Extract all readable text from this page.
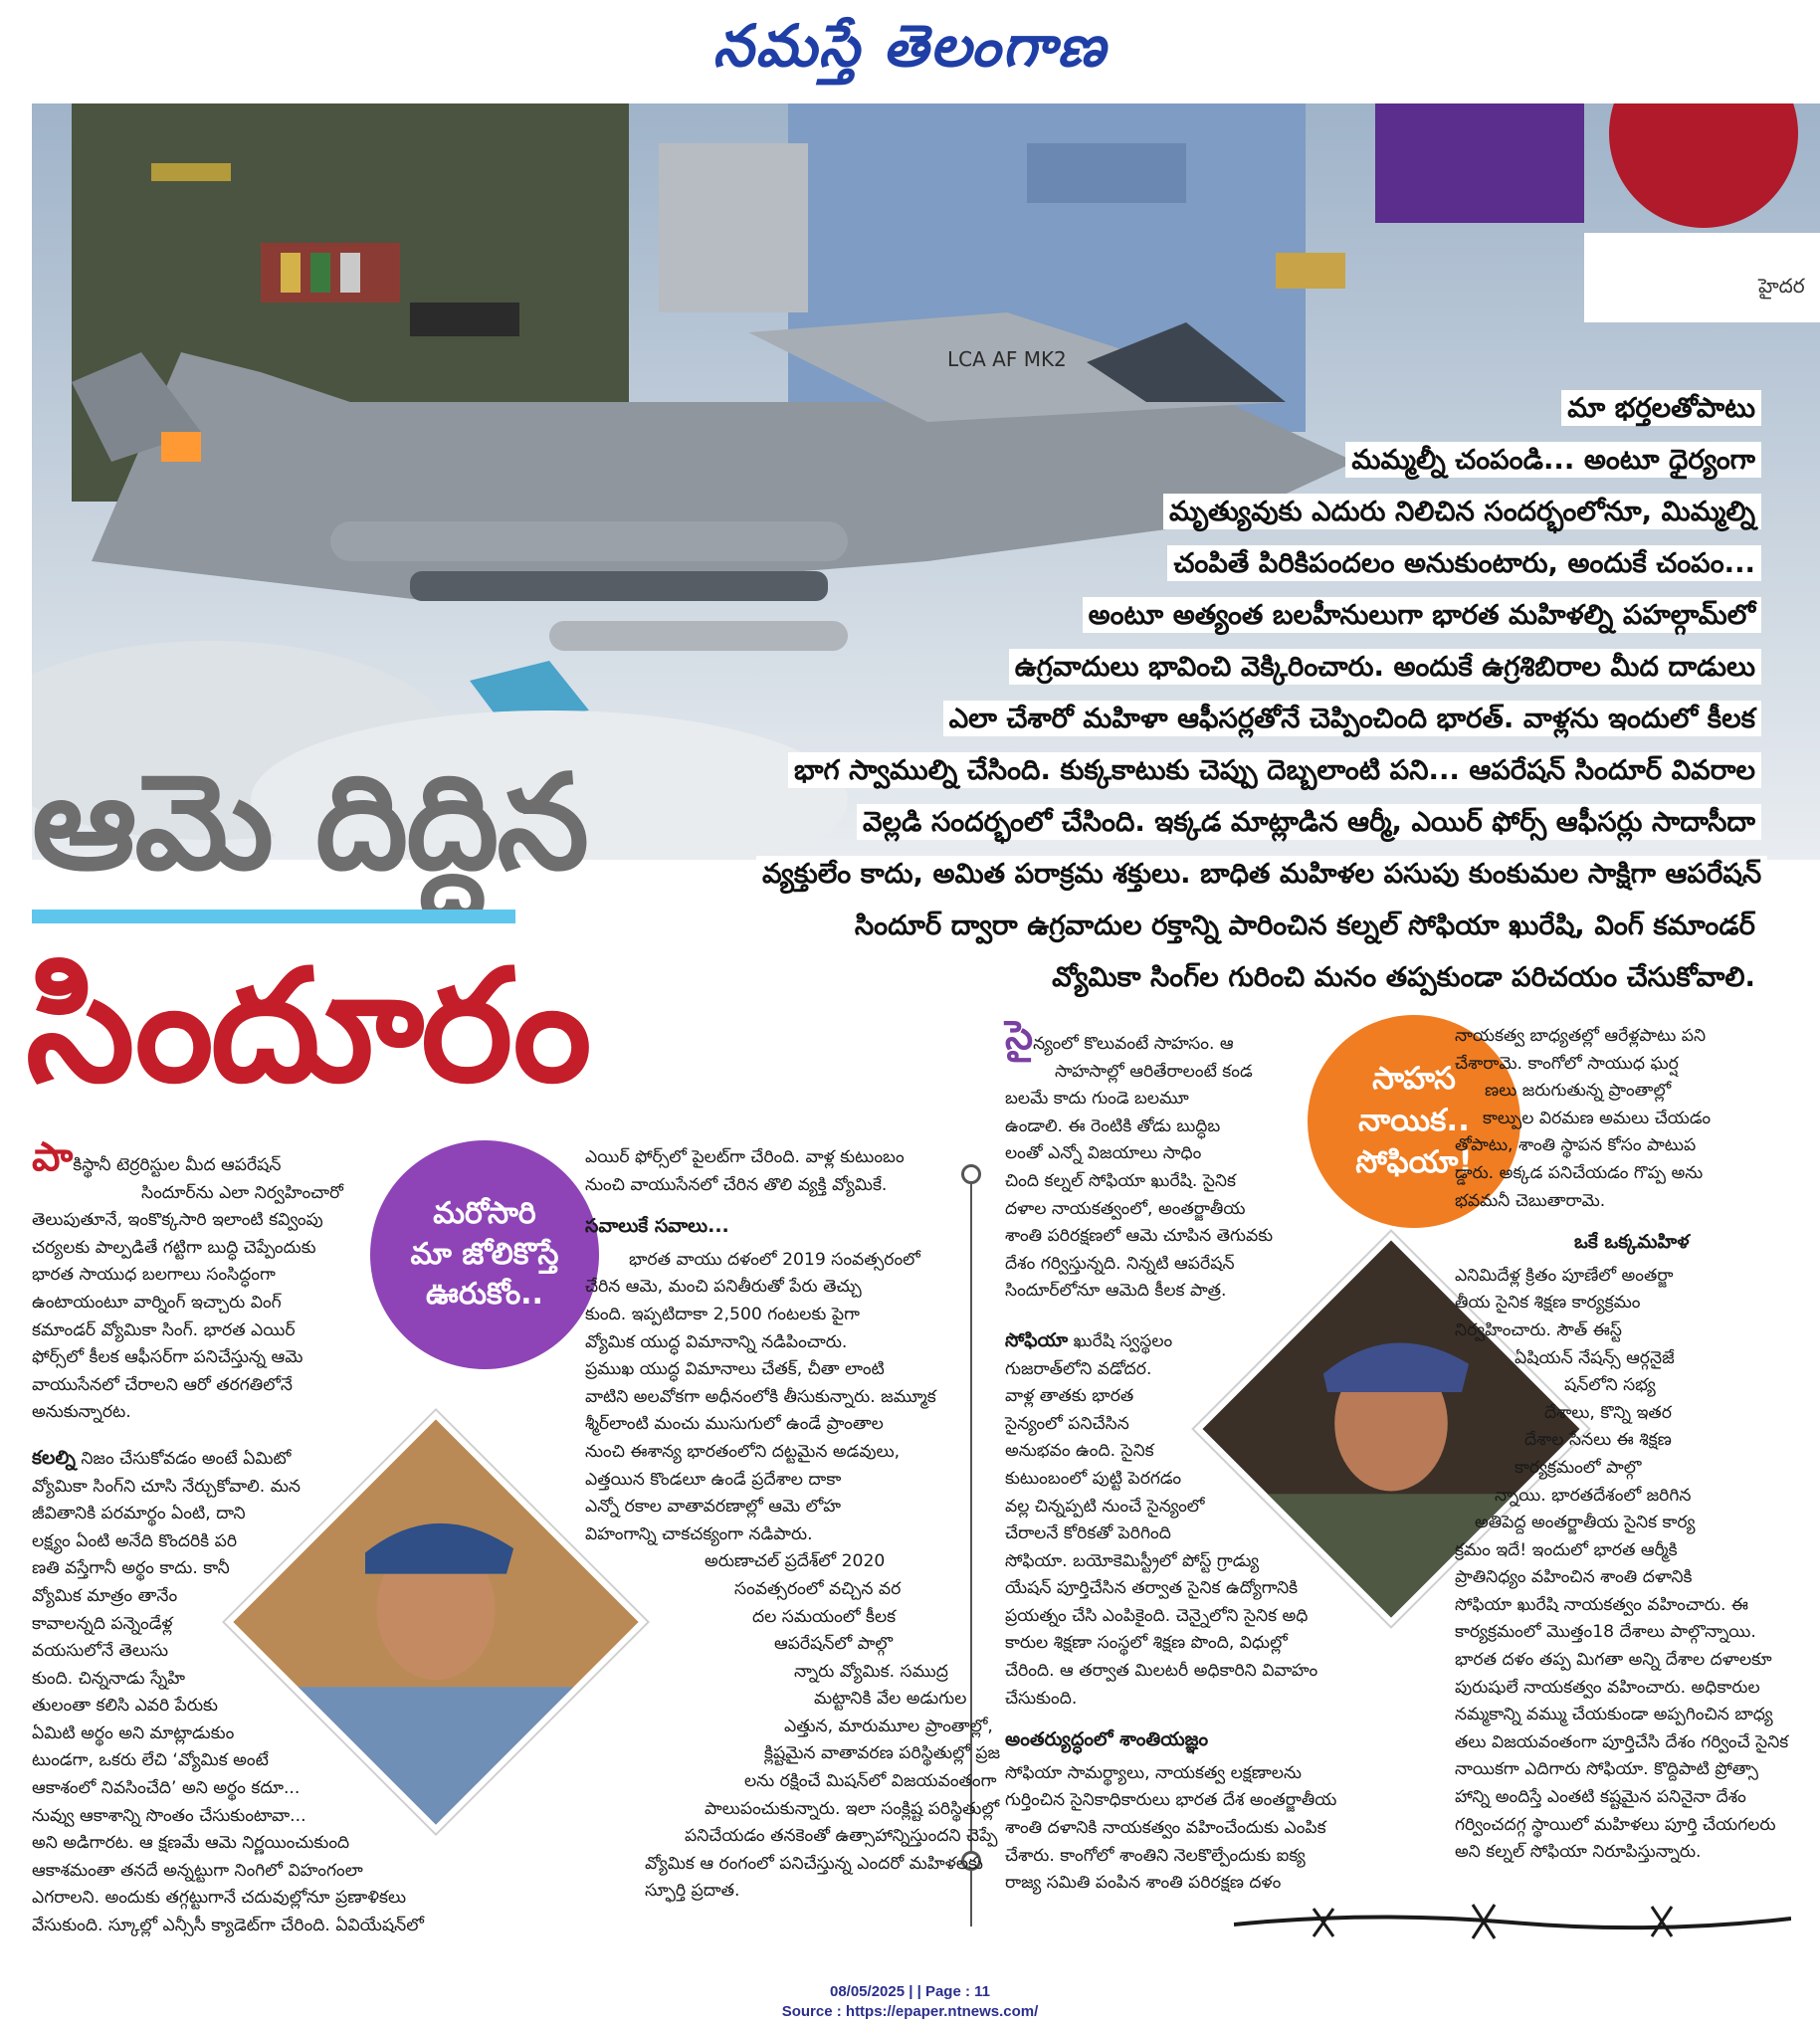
నమస్తే తెలంగాణ
LCA AF MK2
హైదర
మా భర్తలతోపాటు
మమ్మల్నీ చంపండి... అంటూ ధైర్యంగా
మృత్యువుకు ఎదురు నిలిచిన సందర్భంలోనూ, మిమ్మల్ని
చంపితే పిరికిపందలం అనుకుంటారు, అందుకే చంపం...
అంటూ అత్యంత బలహీనులుగా భారత మహిళల్ని పహల్గామ్‌లో
ఉగ్రవాదులు భావించి వెక్కిరించారు. అందుకే ఉగ్రశిబిరాల మీద దాడులు
ఎలా చేశారో మహిళా ఆఫీసర్లతోనే చెప్పించింది భారత్. వాళ్లను ఇందులో కీలక
భాగ స్వాముల్ని చేసింది. కుక్కకాటుకు చెప్పు దెబ్బలాంటి పని... ఆపరేషన్ సిందూర్ వివరాల
వెల్లడి సందర్భంలో చేసింది. ఇక్కడ మాట్లాడిన ఆర్మీ, ఎయిర్ ఫోర్స్ ఆఫీసర్లు సాదాసీదా
వ్యక్తులేం కాదు, అమిత పరాక్రమ శక్తులు. బాధిత మహిళల పసుపు కుంకుమల సాక్షిగా ఆపరేషన్
సిందూర్ ద్వారా ఉగ్రవాదుల రక్తాన్ని పారించిన కల్నల్ సోఫియా ఖురేషి, వింగ్ కమాండర్
వ్యోమికా సింగ్‌ల గురించి మనం తప్పకుండా పరిచయం చేసుకోవాలి.
ఆమె దిద్దిన
సిందూరం

పాకిస్థానీ టెర్రరిస్టుల మీద ఆపరేషన్

సిందూర్‌ను ఎలా నిర్వహించారో

తెలుపుతూనే, ఇంకొక్కసారి ఇలాంటి కవ్వింపు

చర్యలకు పాల్పడితే గట్టిగా బుద్ధి చెప్పేందుకు

భారత సాయుధ బలగాలు సంసిద్ధంగా

ఉంటాయంటూ వార్నింగ్ ఇచ్చారు వింగ్

కమాండర్ వ్యోమికా సింగ్. భారత ఎయిర్

ఫోర్స్‌లో కీలక ఆఫీసర్‌గా పనిచేస్తున్న ఆమె

వాయుసేనలో చేరాలని ఆరో తరగతిలోనే

అనుకున్నారట.

కలల్ని నిజం చేసుకోవడం అంటే ఏమిటో

వ్యోమికా సింగ్‌ని చూసి నేర్చుకోవాలి. మన

జీవితానికి పరమార్థం ఏంటి, దాని

లక్ష్యం ఏంటి అనేది కొందరికి పరి

ణతి వస్తేగానీ అర్థం కాదు. కానీ

వ్యోమిక మాత్రం తానేం

కావాలన్నది పన్నెండేళ్ల

వయసులోనే తెలుసు

కుంది. చిన్ననాడు స్నేహి

తులంతా కలిసి ఎవరి పేరుకు

ఏమిటి అర్థం అని మాట్లాడుకుం

టుండగా, ఒకరు లేచి ‘వ్యోమిక అంటే

ఆకాశంలో నివసించేది’ అని అర్థం కదూ...

నువ్వు ఆకాశాన్ని సొంతం చేసుకుంటావా...

అని అడిగారట. ఆ క్షణమే ఆమె నిర్ణయించుకుంది

ఆకాశమంతా తనదే అన్నట్టుగా నింగిలో విహంగంలా

ఎగరాలని. అందుకు తగ్గట్టుగానే చదువుల్లోనూ ప్రణాళికలు

వేసుకుంది. స్కూల్లో ఎన్సీసీ క్యాడెట్‌గా చేరింది. ఏవియేషన్‌లో

మరోసారి
మా జోలికొస్తే
ఊరుకోం..

ఎయిర్ ఫోర్స్‌లో పైలట్‌గా చేరింది. వాళ్ల కుటుంబం

నుంచి వాయుసేనలో చేరిన తొలి వ్యక్తి వ్యోమికే.

సవాలుకే సవాలు...

భారత వాయు దళంలో 2019 సంవత్సరంలో

చేరిన ఆమె, మంచి పనితీరుతో పేరు తెచ్చు

కుంది. ఇప్పటిదాకా 2,500 గంటలకు పైగా

వ్యోమిక యుద్ధ విమానాన్ని నడిపించారు.

ప్రముఖ యుద్ధ విమానాలు చేతక్, చీతా లాంటి

వాటిని అలవోకగా అధీనంలోకి తీసుకున్నారు. జమ్మూక

శ్మీర్‌లాంటి మంచు ముసుగులో ఉండే ప్రాంతాల

నుంచి ఈశాన్య భారతంలోని దట్టమైన అడవులు,

ఎత్తయిన కొండలూ ఉండే ప్రదేశాల దాకా

ఎన్నో రకాల వాతావరణాల్లో ఆమె లోహ

విహంగాన్ని చాకచక్యంగా నడిపారు.

అరుణాచల్ ప్రదేశ్‌లో 2020

సంవత్సరంలో వచ్చిన వర

దల సమయంలో కీలక

ఆపరేషన్‌లో పాల్గొ

న్నారు వ్యోమిక. సముద్ర

మట్టానికి వేల అడుగుల

ఎత్తున, మారుమూల ప్రాంతాల్లో,

క్లిష్టమైన వాతావరణ పరిస్థితుల్లో ప్రజ

లను రక్షించే మిషన్‌లో విజయవంతంగా

పాలుపంచుకున్నారు. ఇలా సంక్లిష్ట పరిస్థితుల్లో

పనిచేయడం తనకెంతో ఉత్సాహాన్నిస్తుందని చెప్పే

వ్యోమిక ఆ రంగంలో పనిచేస్తున్న ఎందరో మహిళలకు

స్ఫూర్తి ప్రదాత.

సైన్యంలో కొలువంటే సాహసం. ఆ

సాహసాల్లో ఆరితేరాలంటే కండ

బలమే కాదు గుండె బలమూ

ఉండాలి. ఈ రెంటికి తోడు బుద్ధిబ

లంతో ఎన్నో విజయాలు సాధిం

చింది కల్నల్ సోఫియా ఖురేషి. సైనిక

దళాల నాయకత్వంలో, అంతర్జాతీయ

శాంతి పరిరక్షణలో ఆమె చూపిన తెగువకు

దేశం గర్విస్తున్నది. నిన్నటి ఆపరేషన్

సిందూర్‌లోనూ ఆమెది కీలక పాత్ర.

సోఫియా ఖురేషి స్వస్థలం

గుజరాత్‌లోని వడోదర.

వాళ్ల తాతకు భారత

సైన్యంలో పనిచేసిన

అనుభవం ఉంది. సైనిక

కుటుంబంలో పుట్టి పెరగడం

వల్ల చిన్నప్పటి నుంచే సైన్యంలో

చేరాలనే కోరికతో పెరిగింది

సోఫియా. బయోకెమిస్ట్రీలో పోస్ట్ గ్రాడ్యు

యేషన్ పూర్తిచేసిన తర్వాత సైనిక ఉద్యోగానికి

ప్రయత్నం చేసి ఎంపికైంది. చెన్నైలోని సైనిక అధి

కారుల శిక్షణా సంస్థలో శిక్షణ పొంది, విధుల్లో

చేరింది. ఆ తర్వాత మిలటరీ అధికారిని వివాహం

చేసుకుంది.

అంతర్యుద్ధంలో శాంతియజ్ఞం

సోఫియా సామర్థ్యాలు, నాయకత్వ లక్షణాలను

గుర్తించిన సైనికాధికారులు భారత దేశ అంతర్జాతీయ

శాంతి దళానికి నాయకత్వం వహించేందుకు ఎంపిక

చేశారు. కాంగోలో శాంతిని నెలకొల్పేందుకు ఐక్య

రాజ్య సమితి పంపిన శాంతి పరిరక్షణ దళం

సాహస
నాయిక..
సోఫియా!

నాయకత్వ బాధ్యతల్లో ఆరేళ్లపాటు పని

చేశారామె. కాంగోలో సాయుధ ఘర్ష

ణలు జరుగుతున్న ప్రాంతాల్లో

కాల్పుల విరమణ అమలు చేయడం

తోపాటు, శాంతి స్థాపన కోసం పాటుప

డ్డారు. అక్కడ పనిచేయడం గొప్ప అను

భవమనీ చెబుతారామె.

ఒకే ఒక్కమహిళ

ఎనిమిదేళ్ల క్రితం పూణేలో అంతర్జా

తీయ సైనిక శిక్షణ కార్యక్రమం

నిర్వహించారు. సౌత్ ఈస్ట్

ఏషియన్ నేషన్స్ ఆర్గనైజే

షన్‌లోని సభ్య

దేశాలు, కొన్ని ఇతర

దేశాల సేనలు ఈ శిక్షణ

కార్యక్రమంలో పాల్గొ

న్నాయి. భారతదేశంలో జరిగిన

అతిపెద్ద అంతర్జాతీయ సైనిక కార్య

క్రమం ఇదే! ఇందులో భారత ఆర్మీకి

ప్రాతినిధ్యం వహించిన శాంతి దళానికి

సోఫియా ఖురేషి నాయకత్వం వహించారు. ఈ

కార్యక్రమంలో మొత్తం18 దేశాలు పాల్గొన్నాయి.

భారత దళం తప్ప మిగతా అన్ని దేశాల దళాలకూ

పురుషులే నాయకత్వం వహించారు. అధికారుల

నమ్మకాన్ని వమ్ము చేయకుండా అప్పగించిన బాధ్య

తలు విజయవంతంగా పూర్తిచేసి దేశం గర్వించే సైనిక

నాయికగా ఎదిగారు సోఫియా. కొద్దిపాటి ప్రోత్సా

హాన్ని అందిస్తే ఎంతటి కష్టమైన పనినైనా దేశం

గర్వించదగ్గ స్థాయిలో మహిళలు పూర్తి చేయగలరు

అని కల్నల్ సోఫియా నిరూపిస్తున్నారు.

08/05/2025 | | Page : 11
Source : https://epaper.ntnews.com/
